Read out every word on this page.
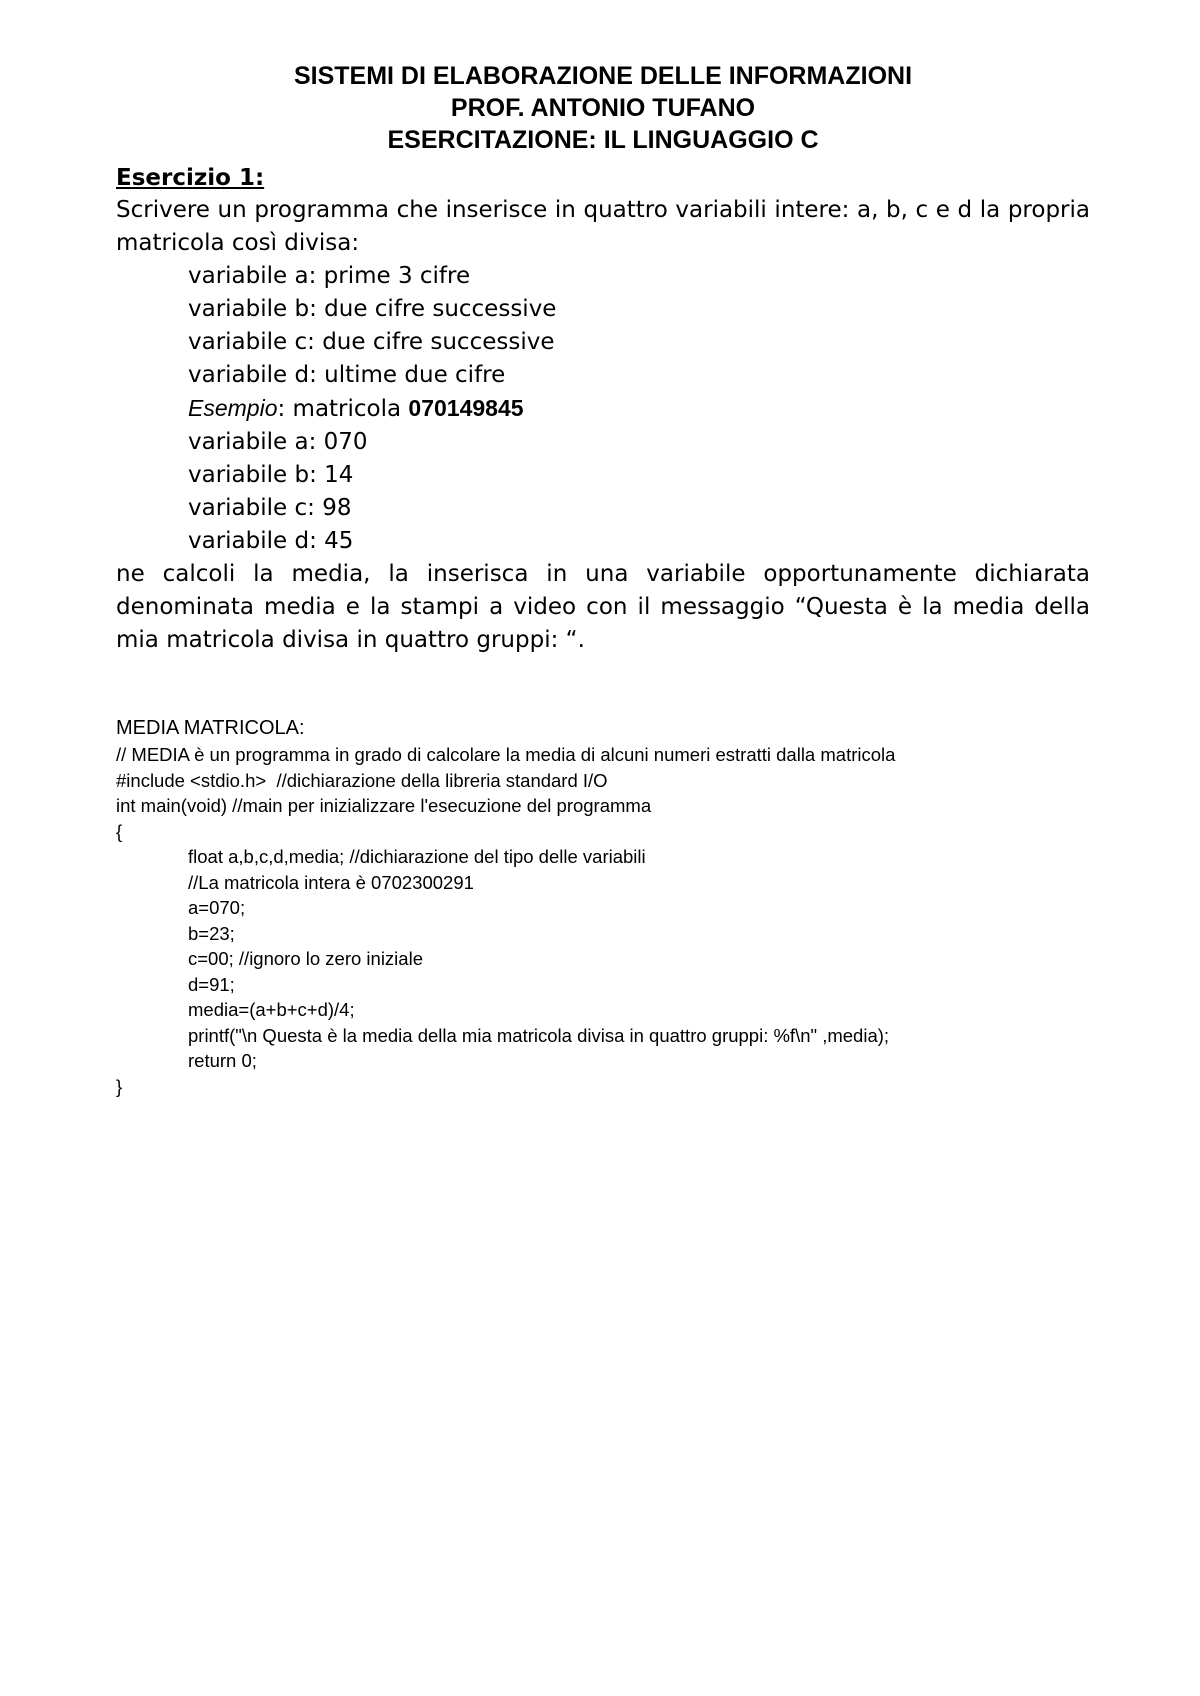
SISTEMI DI ELABORAZIONE DELLE INFORMAZIONI
PROF. ANTONIO TUFANO
ESERCITAZIONE: IL LINGUAGGIO C
Esercizio 1:
Scrivere un programma che inserisce in quattro variabili intere: a, b, c e d la propria matricola così divisa:
variabile a: prime 3 cifre
variabile b: due cifre successive
variabile c: due cifre successive
variabile d: ultime due cifre
Esempio: matricola 070149845
variabile a: 070
variabile b: 14
variabile c: 98
variabile d: 45
ne calcoli la media, la inserisca in una variabile opportunamente dichiarata denominata media e la stampi a video con il messaggio “Questa è la media della mia matricola divisa in quattro gruppi: “.
MEDIA MATRICOLA:
// MEDIA è un programma in grado di calcolare la media di alcuni numeri estratti dalla matricola
#include <stdio.h>  //dichiarazione della libreria standard I/O
int main(void) //main per inizializzare l'esecuzione del programma
{
float a,b,c,d,media; //dichiarazione del tipo delle variabili
//La matricola intera è 0702300291
a=070;
b=23;
c=00; //ignoro lo zero iniziale
d=91;
media=(a+b+c+d)/4;
printf("\n Questa è la media della mia matricola divisa in quattro gruppi: %f\n" ,media);
return 0;
}
